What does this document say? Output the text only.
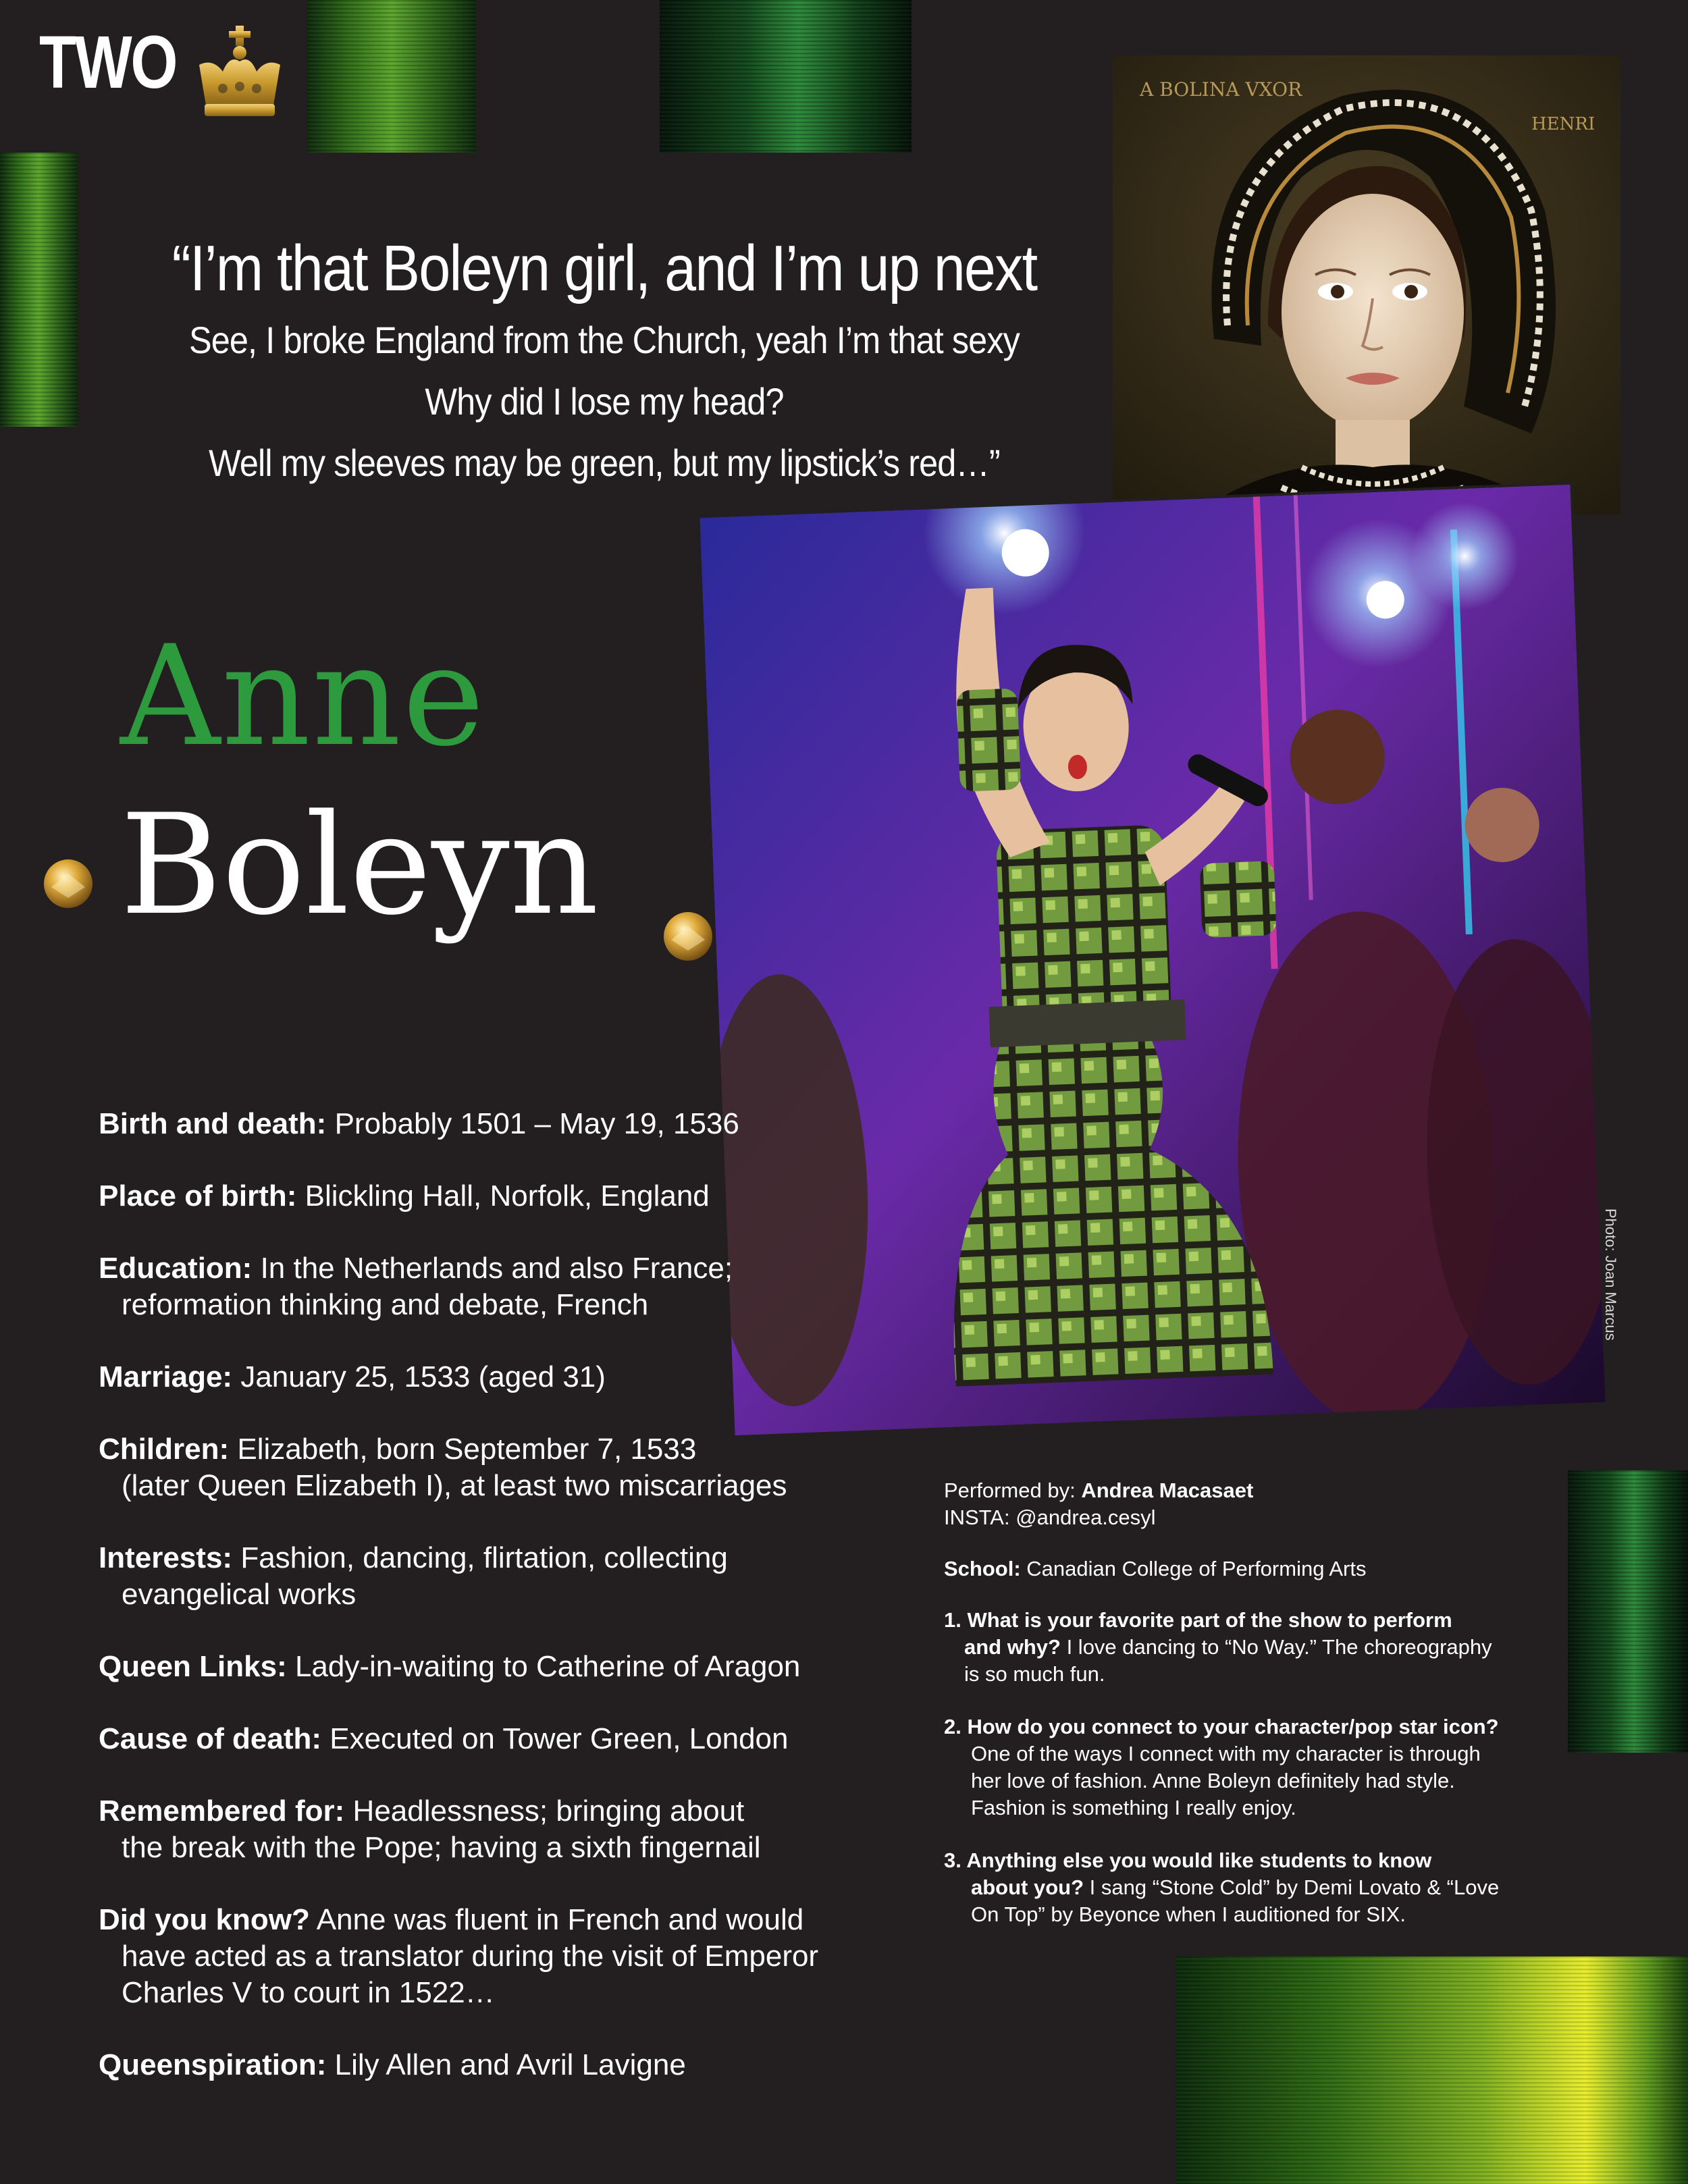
TWO	A BOLINA VXOR
HENRI
“I’m that Boleyn girl, and I’m up next
See, I broke England from the Church, yeah I’m that sexy
Why did I lose my head?
Well my sleeves may be green, but my lipstick’s red…”
Photo: Joan Marcus
Anne
Boleyn
Birth and death: Probably 1501 – May 19, 1536
Place of birth: Blickling Hall, Norfolk, England
Education: In the Netherlands and also France;
reformation thinking and debate, French
Marriage: January 25, 1533 (aged 31)
Children: Elizabeth, born September 7, 1533
(later Queen Elizabeth I), at least two miscarriages
Interests: Fashion, dancing, flirtation, collecting
evangelical works
Queen Links: Lady-in-waiting to Catherine of Aragon
Cause of death: Executed on Tower Green, London
Remembered for: Headlessness; bringing about
the break with the Pope; having a sixth fingernail
Did you know? Anne was fluent in French and would
have acted as a translator during the visit of Emperor
Charles V to court in 1522…
Queenspiration: Lily Allen and Avril Lavigne

Performed by: Andrea Macasaet

INSTA: @andrea.cesyl

School: Canadian College of Performing Arts

1. What is your favorite part of the show to perform
and why? I love dancing to “No Way.” The choreography
is so much fun.
2. How do you connect to your character/pop star icon?
One of the ways I connect with my character is through
her love of fashion. Anne Boleyn definitely had style.
Fashion is something I really enjoy.
3. Anything else you would like students to know
about you? I sang “Stone Cold” by Demi Lovato & “Love
On Top” by Beyonce when I auditioned for SIX.
